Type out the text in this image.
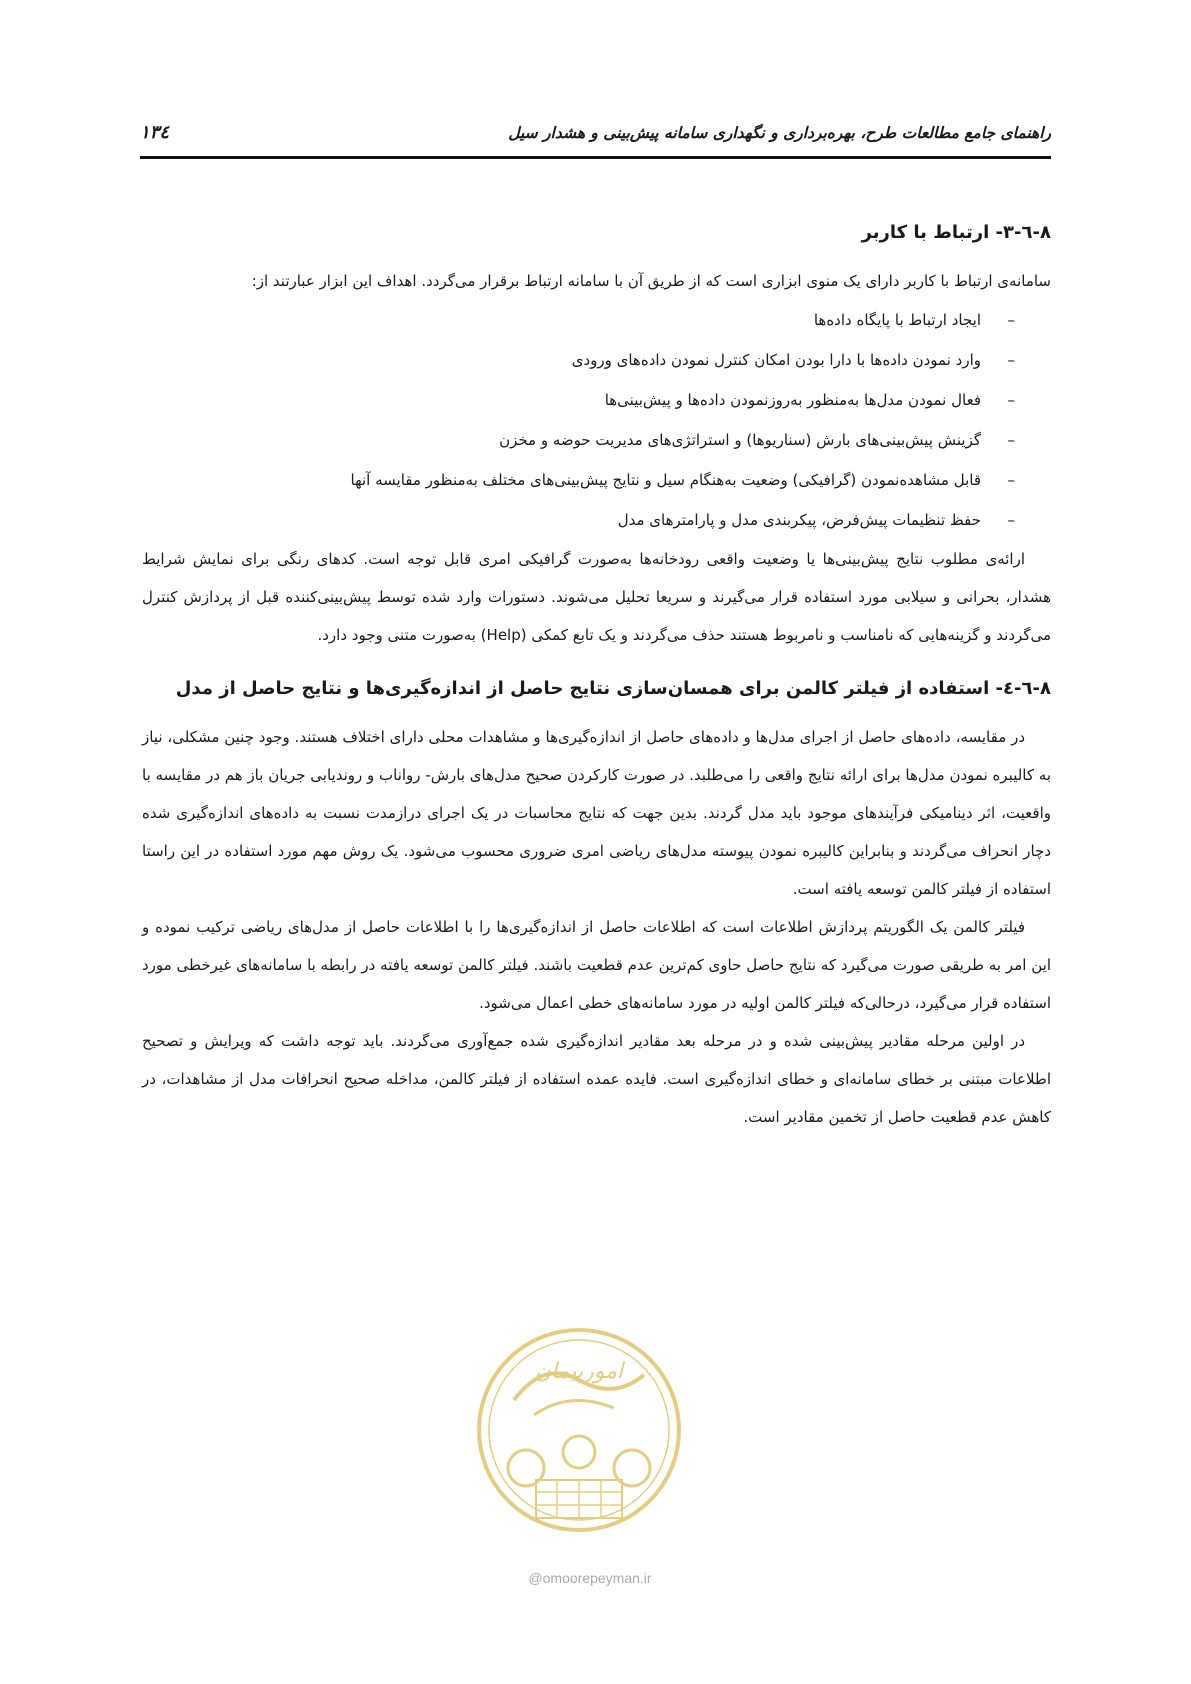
راهنمای جامع مطالعات طرح، بهره‌برداری و نگهداری سامانه پیش‌بینی و هشدار سیل
۱۳٤
۸-٦-۳- ارتباط با کاربر

سامانه‌ی ارتباط با کاربر دارای یک منوی ابزاری است که از طریق آن با سامانه ارتباط برقرار می‌گردد. اهداف این ابزار عبارتند از:

–
ایجاد ارتباط با پایگاه داده‌ها
–
وارد نمودن داده‌ها با دارا بودن امکان کنترل نمودن داده‌های ورودی
–
فعال نمودن مدل‌ها به‌منظور به‌روزنمودن داده‌ها و پیش‌بینی‌ها
–
گزینش پیش‌بینی‌های بارش (سناریوها) و استراتژی‌های مدیریت حوضه و مخزن
–
قابل مشاهده‌نمودن (گرافیکی) وضعیت به‌هنگام سیل و نتایج پیش‌بینی‌های مختلف به‌منظور مقایسه آنها
–
حفظ تنظیمات پیش‌فرض، پیکربندی مدل و پارامترهای مدل

ارائه‌ی مطلوب نتایج پیش‌بینی‌ها یا وضعیت واقعی رودخانه‌ها به‌صورت گرافیکی امری قابل توجه است. کدهای رنگی برای نمایش شرایط هشدار، بحرانی و سیلابی مورد استفاده قرار می‌گیرند و سریعا تحلیل می‌شوند. دستورات وارد شده توسط پیش‌بینی‌کننده قبل از پردازش کنترل می‌گردند و گزینه‌هایی که نامناسب و نامربوط هستند حذف می‌گردند و یک تابع کمکی (Help) به‌صورت متنی وجود دارد.

۸-٦-٤- استفاده از فیلتر کالمن برای همسان‌سازی نتایج حاصل از اندازه‌گیری‌ها و نتایج حاصل از مدل

در مقایسه، داده‌های حاصل از اجرای مدل‌ها و داده‌های حاصل از اندازه‌گیری‌ها و مشاهدات محلی دارای اختلاف هستند. وجود چنین مشکلی، نیاز به کالیبره نمودن مدل‌ها برای ارائه نتایج واقعی را می‌طلبد. در صورت کارکردن صحیح مدل‌های بارش- رواناب و روندیابی جریان باز هم در مقایسه با واقعیت، اثر دینامیکی فرآیندهای موجود باید مدل گردند. بدین جهت که نتایج محاسبات در یک اجرای درازمدت نسبت به داده‌های اندازه‌گیری شده دچار انحراف می‌گردند و بنابراین کالیبره نمودن پیوسته مدل‌های ریاضی امری ضروری محسوب می‌شود. یک روش مهم مورد استفاده در این راستا استفاده از فیلتر کالمن توسعه یافته است.

فیلتر کالمن یک الگوریتم پردازش اطلاعات است که اطلاعات حاصل از اندازه‌گیری‌ها را با اطلاعات حاصل از مدل‌های ریاضی ترکیب نموده و این امر به طریقی صورت می‌گیرد که نتایج حاصل حاوی کم‌ترین عدم قطعیت باشند. فیلتر کالمن توسعه یافته در رابطه با سامانه‌های غیرخطی مورد استفاده قرار می‌گیرد، درحالی‌که فیلتر کالمن اولیه در مورد سامانه‌های خطی اعمال می‌شود.

در اولین مرحله مقادیر پیش‌بینی شده و در مرحله بعد مقادیر اندازه‌گیری شده جمع‌آوری می‌گردند. باید توجه داشت که ویرایش و تصحیح اطلاعات مبتنی بر خطای سامانه‌ای و خطای اندازه‌گیری است. فایده عمده استفاده از فیلتر کالمن، مداخله صحیح انحرافات مدل از مشاهدات، در کاهش عدم قطعیت حاصل از تخمین مقادیر است.

امورپیمان
@omoorepeyman.ir
